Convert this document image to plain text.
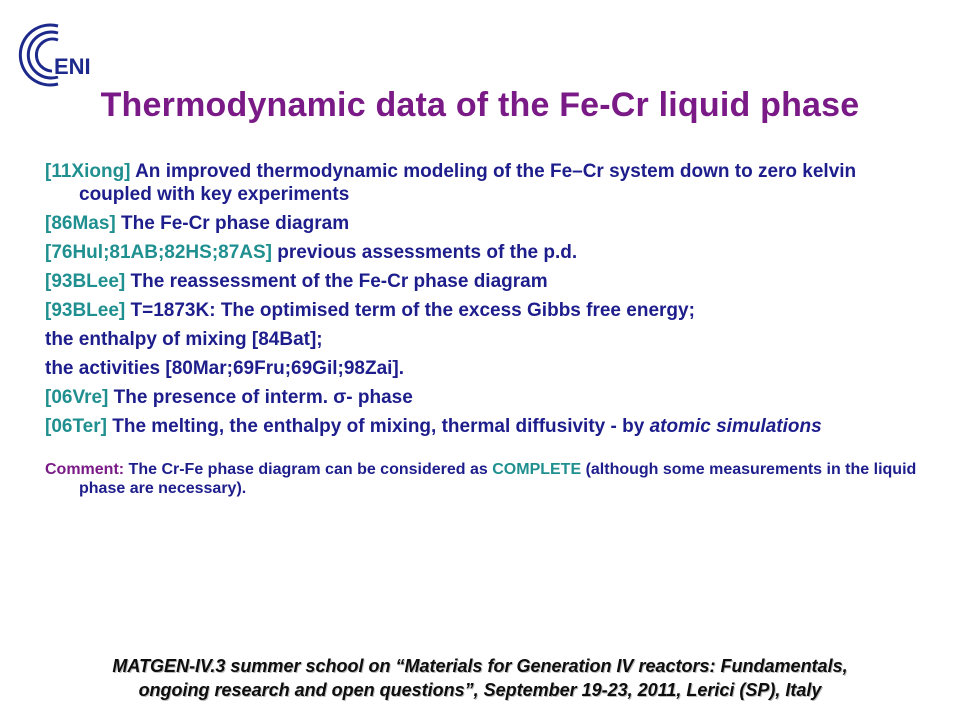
ENI
Thermodynamic data of the Fe-Cr liquid phase
[11Xiong] An improved thermodynamic modeling of the Fe–Cr system down to zero kelvin coupled with key experiments
[86Mas] The Fe-Cr phase diagram
[76Hul;81AB;82HS;87AS] previous assessments of the p.d.
[93BLee] The reassessment of the Fe-Cr phase diagram
[93BLee] T=1873K: The optimised term of the excess Gibbs free energy;
the enthalpy of mixing [84Bat];
the activities [80Mar;69Fru;69Gil;98Zai].
[06Vre] The presence of interm. σ- phase
[06Ter] The melting, the enthalpy of mixing, thermal diffusivity - by atomic simulations
Comment: The Cr-Fe phase diagram can be considered as COMPLETE (although some measurements in the liquid phase are necessary).
MATGEN-IV.3 summer school on “Materials for Generation IV reactors: Fundamentals,
ongoing research and open questions”, September 19-23, 2011, Lerici (SP), Italy
